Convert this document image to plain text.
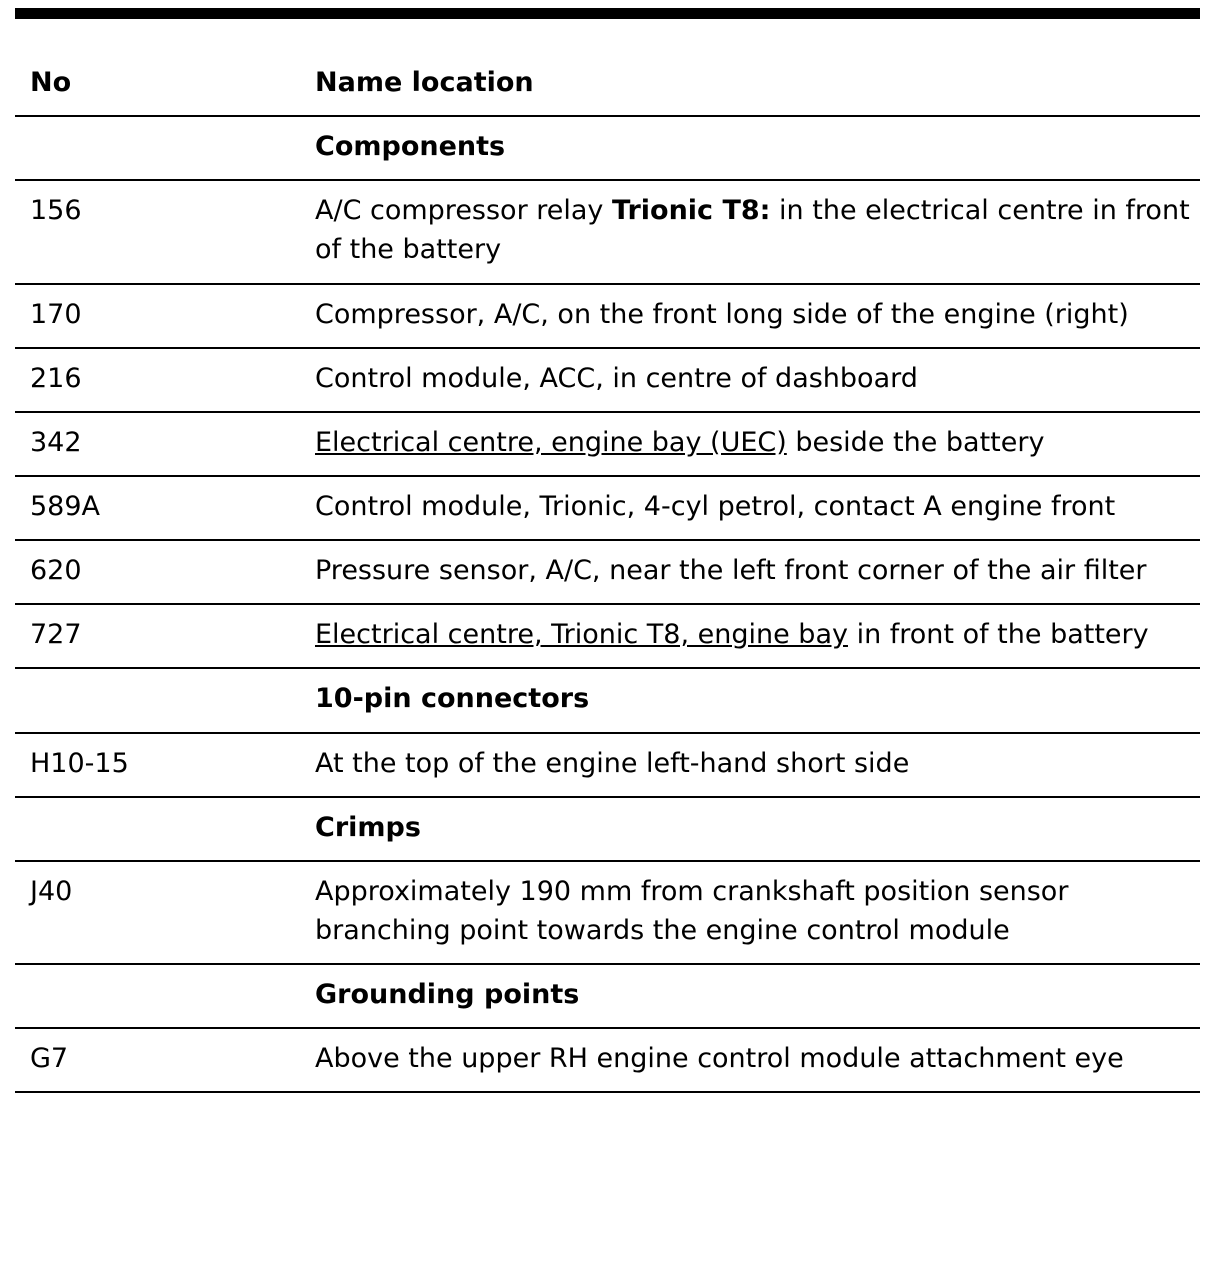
No	Name location
	Components
156	A/C compressor relay Trionic T8: in the electrical centre in front of the battery
170	Compressor, A/C, on the front long side of the engine (right)
216	Control module, ACC, in centre of dashboard
342	Electrical centre, engine bay (UEC) beside the battery
589A	Control module, Trionic, 4-cyl petrol, contact A engine front
620	Pressure sensor, A/C, near the left front corner of the air filter
727	Electrical centre, Trionic T8, engine bay in front of the battery
	10-pin connectors
H10-15	At the top of the engine left-hand short side
	Crimps
J40	Approximately 190 mm from crankshaft position sensor branching point towards the engine control module
	Grounding points
G7	Above the upper RH engine control module attachment eye
